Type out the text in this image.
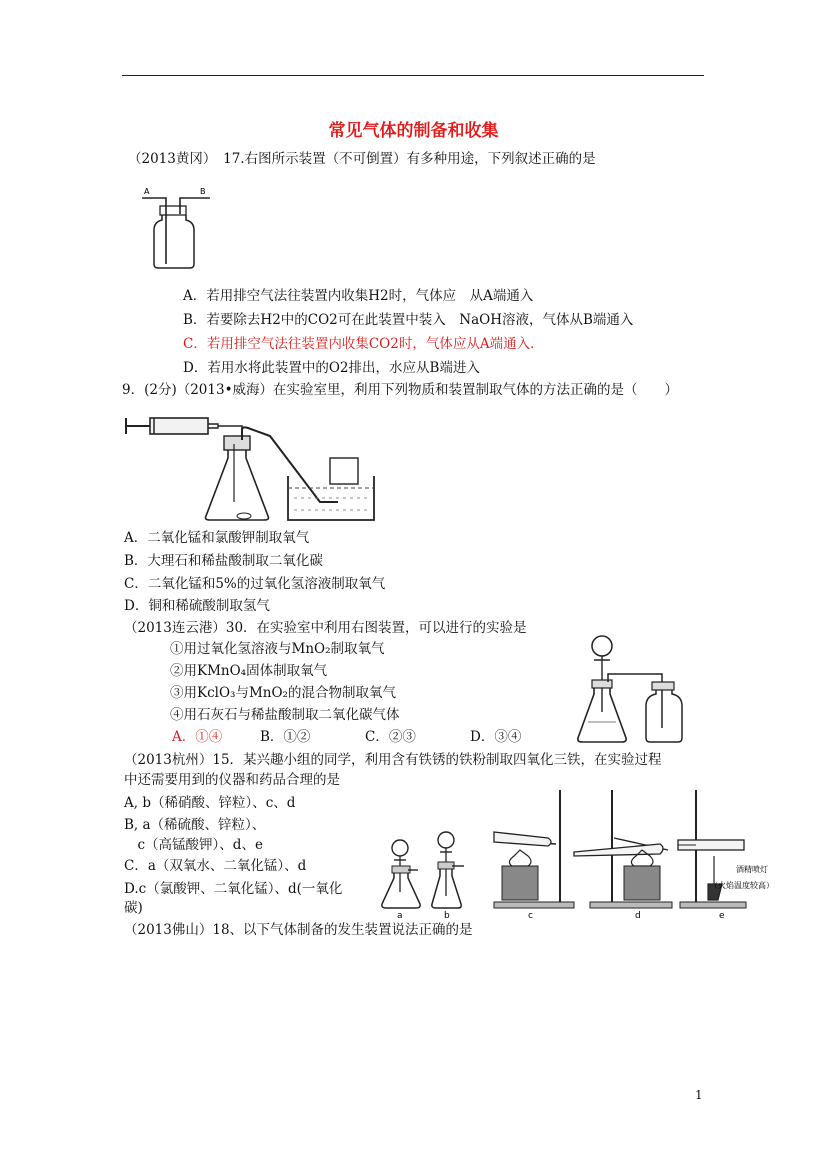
常见气体的制备和收集
（2013黄冈）　17.右图所示装置（不可倒置）有多种用途，下列叙述正确的是
A	B
A．若用排空气法往装置内收集H2时，气体应　从A端通入
B．若要除去H2中的CO2可在此装置中装入　NaOH溶液，气体从B端通入
C．若用排空气法往装置内收集CO2时，气体应从A端通入．
D．若用水将此装置中的O2排出，水应从B端进入
9．(2分)（2013•威海）在实验室里，利用下列物质和装置制取气体的方法正确的是（　　）
A．二氧化锰和氯酸钾制取氧气
B．大理石和稀盐酸制取二氧化碳
C．二氧化锰和5%的过氧化氢溶液制取氧气
D．铜和稀硫酸制取氢气
（2013连云港）30．在实验室中利用右图装置，可以进行的实验是
①用过氧化氢溶液与MnO₂制取氧气
②用KMnO₄固体制取氧气
③用KclO₃与MnO₂的混合物制取氧气
④用石灰石与稀盐酸制取二氧化碳气体
A．①④	B．①②	C．②③	D．③④
（2013杭州）15．某兴趣小组的同学，利用含有铁锈的铁粉制取四氧化三铁，在实验过程
中还需要用到的仪器和药品合理的是
A, b（稀硝酸、锌粒）、c、d
B, a（稀硫酸、锌粒）、
　c（高锰酸钾）、d、e
C．a（双氧水、二氧化锰）、d
D.c（氯酸钾、二氧化锰）、d(一氧化
碳)	a	b	c	d
酒精喷灯
（火焰温度较高）
e
（2013佛山）18、以下气体制备的发生装置说法正确的是
1
